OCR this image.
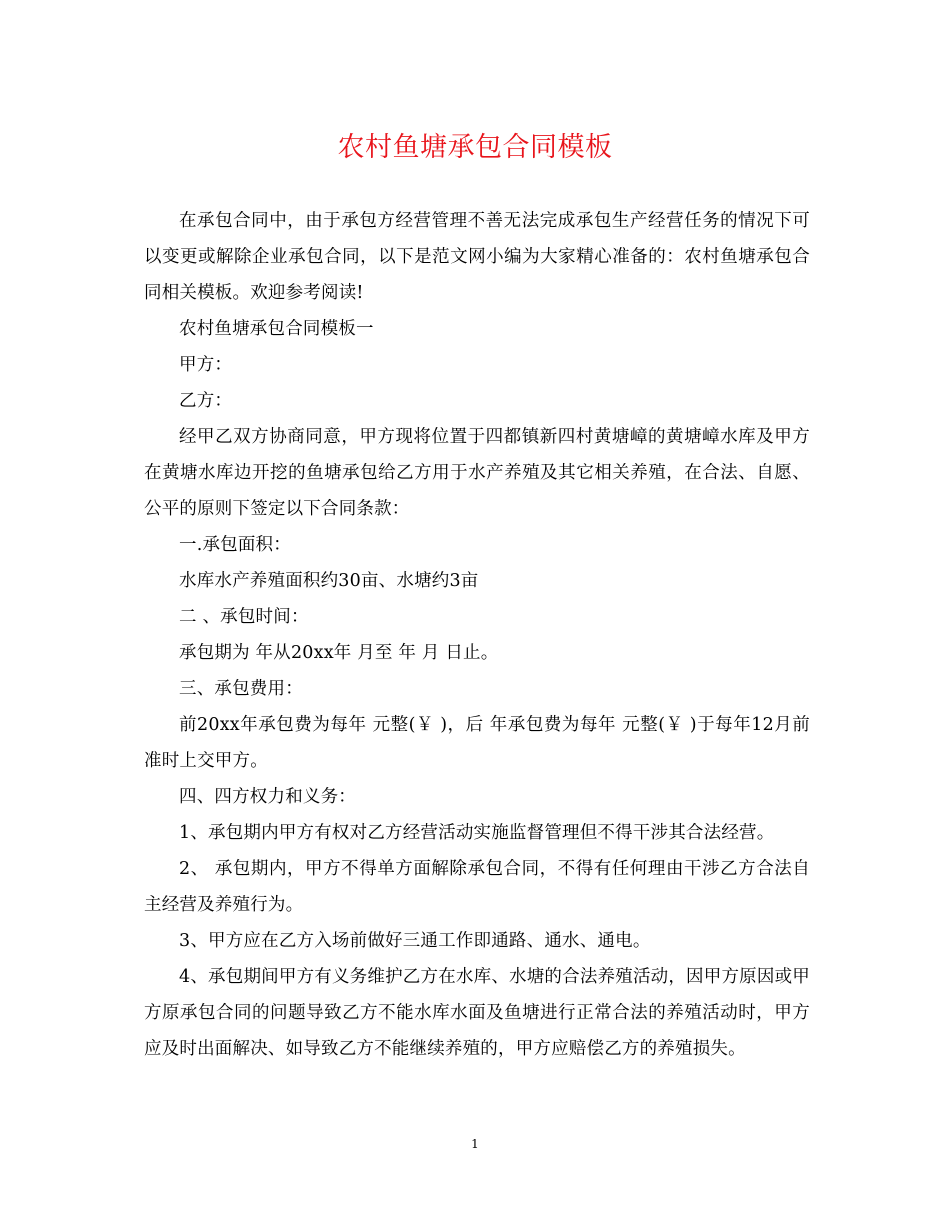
农村鱼塘承包合同模板

在承包合同中，由于承包方经营管理不善无法完成承包生产经营任务的情况下可以变更或解除企业承包合同，以下是范文网小编为大家精心准备的：农村鱼塘承包合同相关模板。欢迎参考阅读!

农村鱼塘承包合同模板一

甲方：

乙方：

经甲乙双方协商同意，甲方现将位置于四都镇新四村黄塘嶂的黄塘嶂水库及甲方在黄塘水库边开挖的鱼塘承包给乙方用于水产养殖及其它相关养殖，在合法、自愿、公平的原则下签定以下合同条款：

一.承包面积：

水库水产养殖面积约30亩、水塘约3亩

二 、承包时间：

承包期为 年从20xx年 月至 年 月 日止。

三、承包费用：

前20xx年承包费为每年 元整(￥ )，后 年承包费为每年 元整(￥ )于每年12月前准时上交甲方。

四、四方权力和义务：

1、承包期内甲方有权对乙方经营活动实施监督管理但不得干涉其合法经营。

2、 承包期内，甲方不得单方面解除承包合同，不得有任何理由干涉乙方合法自主经营及养殖行为。

3、甲方应在乙方入场前做好三通工作即通路、通水、通电。

4、承包期间甲方有义务维护乙方在水库、水塘的合法养殖活动，因甲方原因或甲方原承包合同的问题导致乙方不能水库水面及鱼塘进行正常合法的养殖活动时，甲方应及时出面解决、如导致乙方不能继续养殖的，甲方应赔偿乙方的养殖损失。

1
